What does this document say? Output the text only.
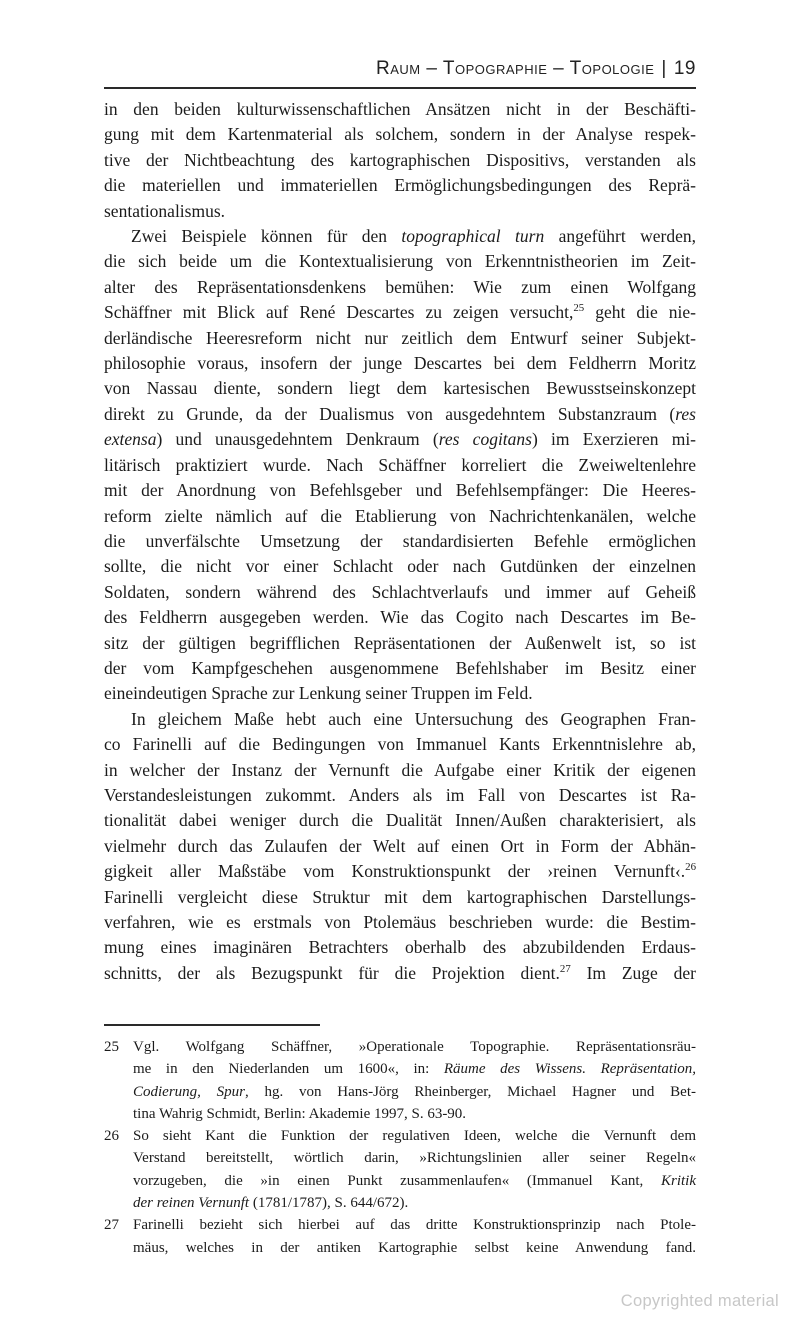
Raum – Topographie – Topologie | 19
in den beiden kulturwissenschaftlichen Ansätzen nicht in der Beschäfti-
gung mit dem Kartenmaterial als solchem, sondern in der Analyse respek-
tive der Nichtbeachtung des kartographischen Dispositivs, verstanden als
die materiellen und immateriellen Ermöglichungsbedingungen des Reprä-
sentationalismus.
Zwei Beispiele können für den topographical turn angeführt werden,
die sich beide um die Kontextualisierung von Erkenntnistheorien im Zeit-
alter des Repräsentationsdenkens bemühen: Wie zum einen Wolfgang
Schäffner mit Blick auf René Descartes zu zeigen versucht,$^{25}$ geht die nie-
derländische Heeresreform nicht nur zeitlich dem Entwurf seiner Subjekt-
philosophie voraus, insofern der junge Descartes bei dem Feldherrn Moritz
von Nassau diente, sondern liegt dem kartesischen Bewusstseinskonzept
direkt zu Grunde, da der Dualismus von ausgedehntem Substanzraum (res
extensa) und unausgedehntem Denkraum (res cogitans) im Exerzieren mi-
litärisch praktiziert wurde. Nach Schäffner korreliert die Zweiweltenlehre
mit der Anordnung von Befehlsgeber und Befehlsempfänger: Die Heeres-
reform zielte nämlich auf die Etablierung von Nachrichtenkanälen, welche
die unverfälschte Umsetzung der standardisierten Befehle ermöglichen
sollte, die nicht vor einer Schlacht oder nach Gutdünken der einzelnen
Soldaten, sondern während des Schlachtverlaufs und immer auf Geheiß
des Feldherrn ausgegeben werden. Wie das Cogito nach Descartes im Be-
sitz der gültigen begrifflichen Repräsentationen der Außenwelt ist, so ist
der vom Kampfgeschehen ausgenommene Befehlshaber im Besitz einer
eineindeutigen Sprache zur Lenkung seiner Truppen im Feld.
In gleichem Maße hebt auch eine Untersuchung des Geographen Fran-
co Farinelli auf die Bedingungen von Immanuel Kants Erkenntnislehre ab,
in welcher der Instanz der Vernunft die Aufgabe einer Kritik der eigenen
Verstandesleistungen zukommt. Anders als im Fall von Descartes ist Ra-
tionalität dabei weniger durch die Dualität Innen/Außen charakterisiert, als
vielmehr durch das Zulaufen der Welt auf einen Ort in Form der Abhän-
gigkeit aller Maßstäbe vom Konstruktionspunkt der ›reinen Vernunft‹.$^{26}$
Farinelli vergleicht diese Struktur mit dem kartographischen Darstellungs-
verfahren, wie es erstmals von Ptolemäus beschrieben wurde: die Bestim-
mung eines imaginären Betrachters oberhalb des abzubildenden Erdaus-
schnitts, der als Bezugspunkt für die Projektion dient.$^{27}$ Im Zuge der
25 Vgl. Wolfgang Schäffner, »Operationale Topographie. Repräsentationsräu-
me in den Niederlanden um 1600«, in: Räume des Wissens. Repräsentation,
Codierung, Spur, hg. von Hans-Jörg Rheinberger, Michael Hagner und Bet-
tina Wahrig Schmidt, Berlin: Akademie 1997, S. 63-90.
26 So sieht Kant die Funktion der regulativen Ideen, welche die Vernunft dem
Verstand bereitstellt, wörtlich darin, »Richtungslinien aller seiner Regeln«
vorzugeben, die »in einen Punkt zusammenlaufen« (Immanuel Kant, Kritik
der reinen Vernunft (1781/1787), S. 644/672).
27 Farinelli bezieht sich hierbei auf das dritte Konstruktionsprinzip nach Ptole-
mäus, welches in der antiken Kartographie selbst keine Anwendung fand.
Copyrighted material
